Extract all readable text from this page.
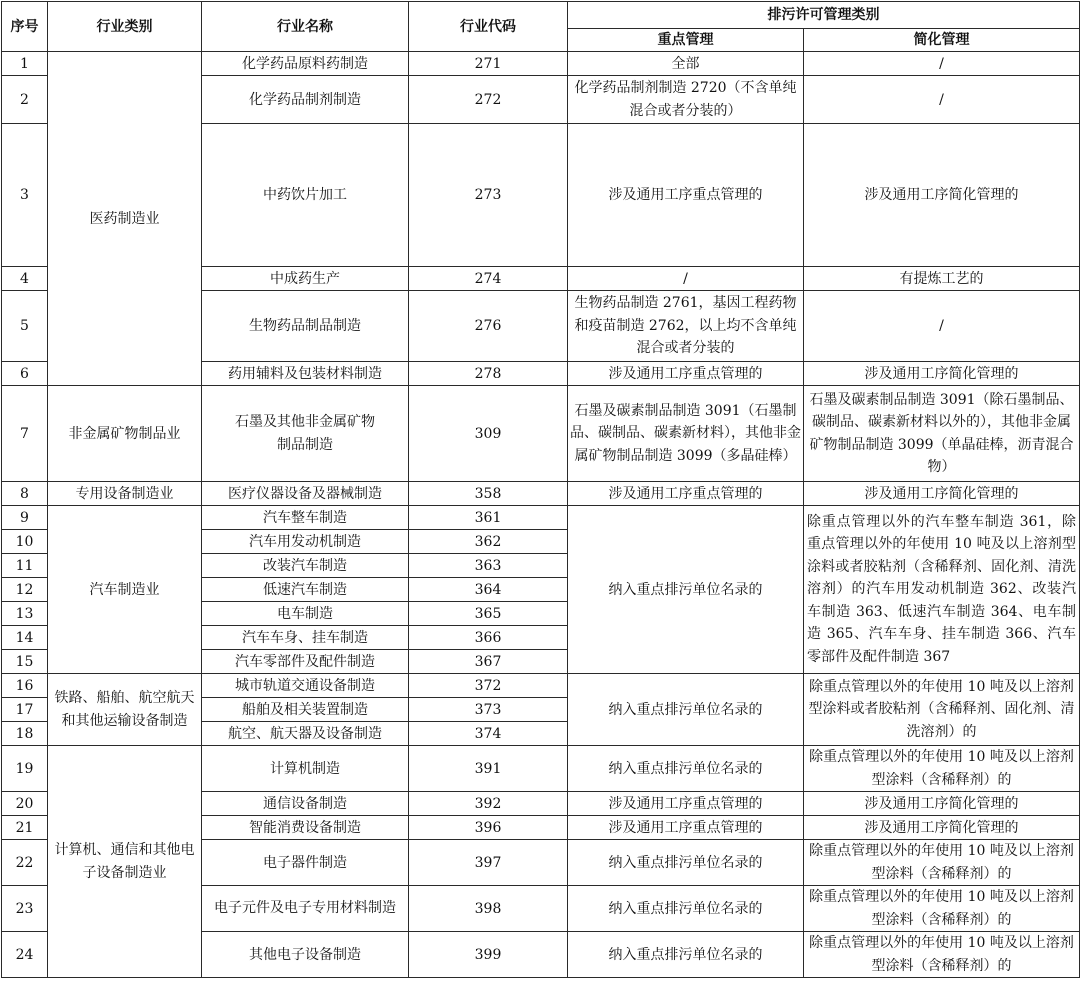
序号	行业类别	行业名称	行业代码	排污许可管理类别	
				重点管理	简化管理
1	医药制造业	化学药品原料药制造	271	全部	/
2		化学药品制剂制造	272	化学药品制剂制造 2720（不含单纯混合或者分装的）	/
3		中药饮片加工	273	涉及通用工序重点管理的	涉及通用工序简化管理的
4		中成药生产	274	/	有提炼工艺的
5		生物药品制品制造	276	生物药品制造 2761，基因工程药物和疫苗制造 2762，以上均不含单纯混合或者分装的	/
6		药用辅料及包装材料制造	278	涉及通用工序重点管理的	涉及通用工序简化管理的
7	非金属矿物制品业	石墨及其他非金属矿物制品制造	309	石墨及碳素制品制造 3091（石墨制品、碳制品、碳素新材料），其他非金属矿物制品制造 3099（多晶硅棒）	石墨及碳素制品制造 3091（除石墨制品、碳制品、碳素新材料以外的），其他非金属矿物制品制造 3099（单晶硅棒，沥青混合物）
8	专用设备制造业	医疗仪器设备及器械制造	358	涉及通用工序重点管理的	涉及通用工序简化管理的
9	汽车制造业	汽车整车制造	361	纳入重点排污单位名录的	除重点管理以外的汽车整车制造 361，除重点管理以外的年使用 10 吨及以上溶剂型涂料或者胶粘剂（含稀释剂、固化剂、清洗溶剂）的汽车用发动机制造 362、改装汽车制造 363、低速汽车制造 364、电车制造 365、汽车车身、挂车制造 366、汽车零部件及配件制造 367
10		汽车用发动机制造	362		
11		改装汽车制造	363		
12		低速汽车制造	364		
13		电车制造	365		
14		汽车车身、挂车制造	366		
15		汽车零部件及配件制造	367		
16	铁路、船舶、航空航天和其他运输设备制造	城市轨道交通设备制造	372	纳入重点排污单位名录的	除重点管理以外的年使用 10 吨及以上溶剂型涂料或者胶粘剂（含稀释剂、固化剂、清洗溶剂）的
17		船舶及相关装置制造	373		
18		航空、航天器及设备制造	374		
19	计算机、通信和其他电子设备制造业	计算机制造	391	纳入重点排污单位名录的	除重点管理以外的年使用 10 吨及以上溶剂型涂料（含稀释剂）的
20		通信设备制造	392	涉及通用工序重点管理的	涉及通用工序简化管理的
21		智能消费设备制造	396	涉及通用工序重点管理的	涉及通用工序简化管理的
22		电子器件制造	397	纳入重点排污单位名录的	除重点管理以外的年使用 10 吨及以上溶剂型涂料（含稀释剂）的
23		电子元件及电子专用材料制造	398	纳入重点排污单位名录的	除重点管理以外的年使用 10 吨及以上溶剂型涂料（含稀释剂）的
24		其他电子设备制造	399	纳入重点排污单位名录的	除重点管理以外的年使用 10 吨及以上溶剂型涂料（含稀释剂）的
